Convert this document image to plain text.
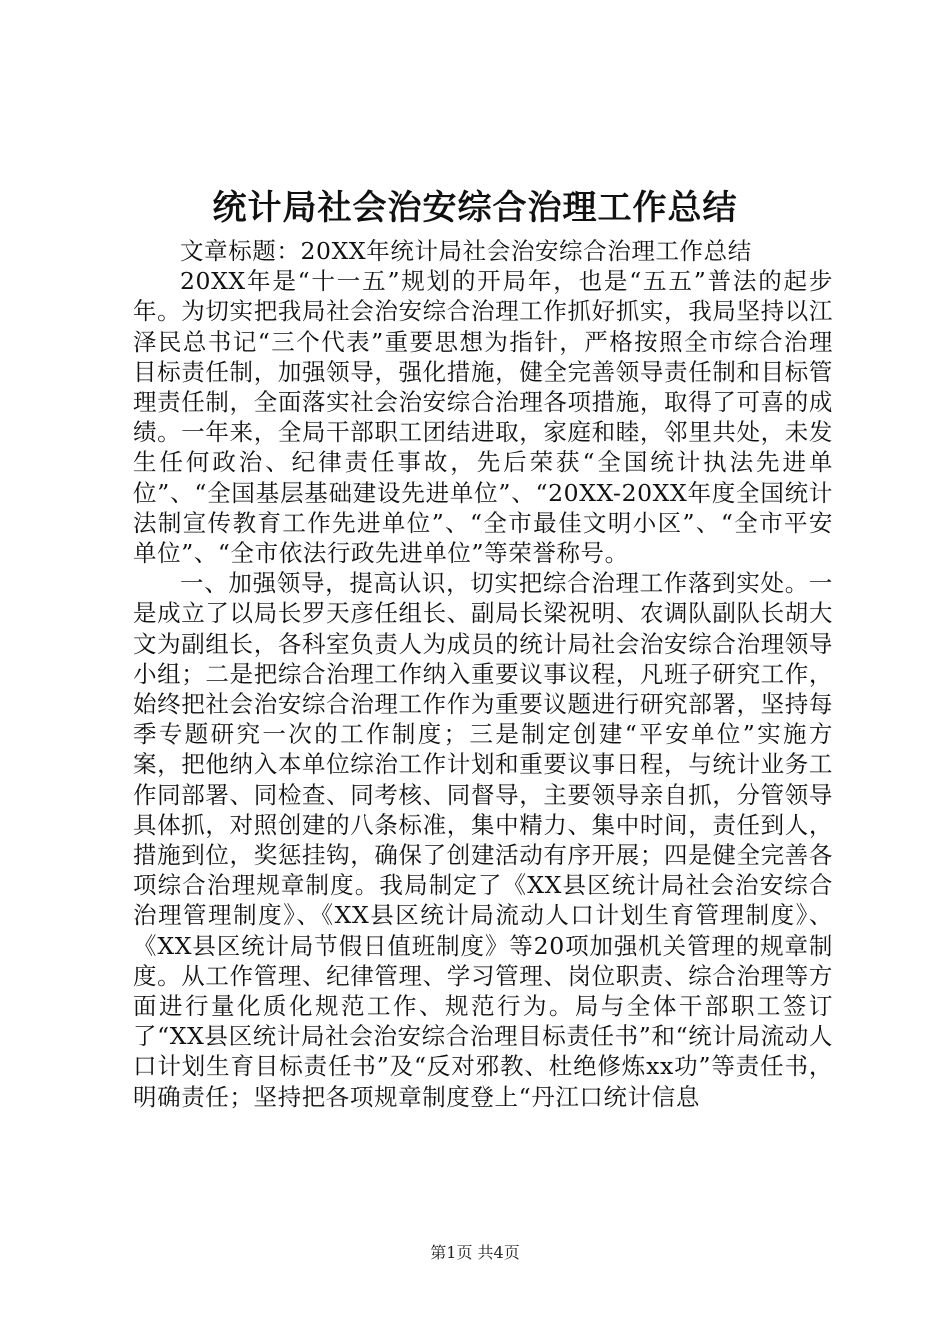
统计局社会治安综合治理工作总结

文章标题：20XX年统计局社会治安综合治理工作总结

20XX年是“十一五”规划的开局年，也是“五五”普法的起步年。为切实把我局社会治安综合治理工作抓好抓实，我局坚持以江泽民总书记“三个代表”重要思想为指针，严格按照全市综合治理目标责任制，加强领导，强化措施，健全完善领导责任制和目标管理责任制，全面落实社会治安综合治理各项措施，取得了可喜的成绩。一年来，全局干部职工团结进取，家庭和睦，邻里共处，未发生任何政治、纪律责任事故，先后荣获“全国统计执法先进单位”、“全国基层基础建设先进单位”、“20XX-20XX年度全国统计法制宣传教育工作先进单位”、“全市最佳文明小区”、“全市平安单位”、“全市依法行政先进单位”等荣誉称号。

一、加强领导，提高认识，切实把综合治理工作落到实处。一是成立了以局长罗天彦任组长、副局长梁祝明、农调队副队长胡大文为副组长，各科室负责人为成员的统计局社会治安综合治理领导小组；二是把综合治理工作纳入重要议事议程，凡班子研究工作，始终把社会治安综合治理工作作为重要议题进行研究部署，坚持每季专题研究一次的工作制度；三是制定创建“平安单位”实施方案，把他纳入本单位综治工作计划和重要议事日程，与统计业务工作同部署、同检查、同考核、同督导，主要领导亲自抓，分管领导具体抓，对照创建的八条标准，集中精力、集中时间，责任到人，措施到位，奖惩挂钩，确保了创建活动有序开展；四是健全完善各项综合治理规章制度。我局制定了《XX县区统计局社会治安综合治理管理制度》、《XX县区统计局流动人口计划生育管理制度》、《XX县区统计局节假日值班制度》等20项加强机关管理的规章制度。从工作管理、纪律管理、学习管理、岗位职责、综合治理等方面进行量化质化规范工作、规范行为。局与全体干部职工签订了“XX县区统计局社会治安综合治理目标责任书”和“统计局流动人口计划生育目标责任书”及“反对邪教、杜绝修炼xx功”等责任书，明确责任；坚持把各项规章制度登上“丹江口统计信息

第1页 共4页
